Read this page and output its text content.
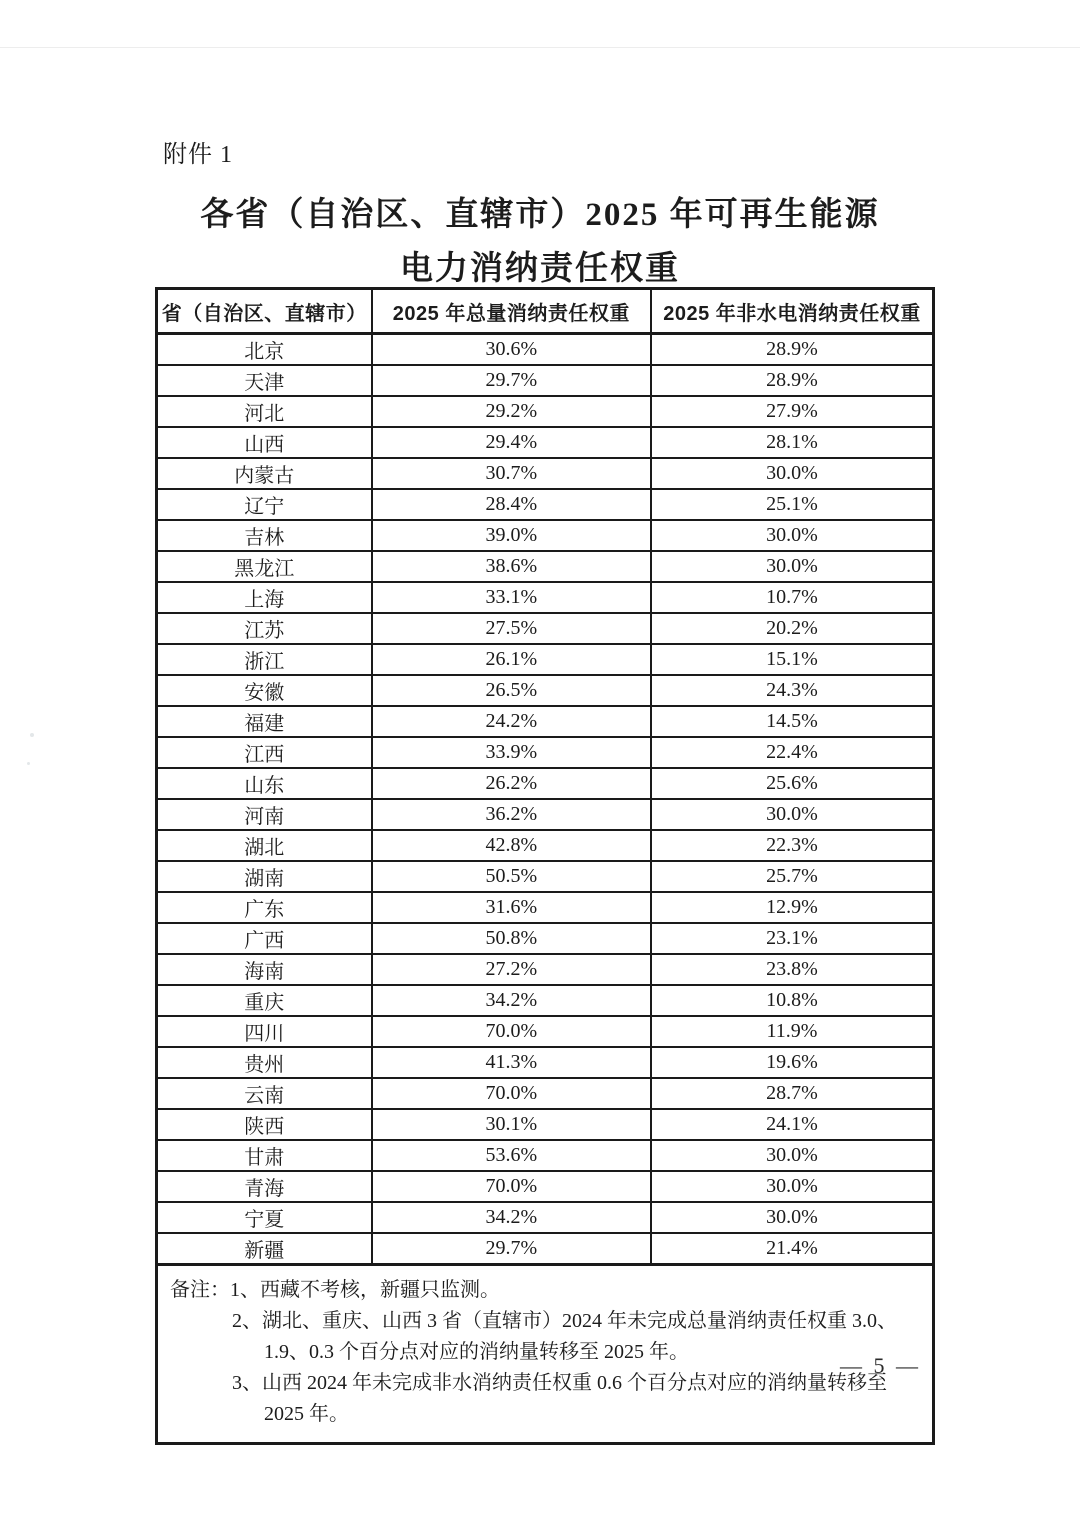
附件 1
各省（自治区、直辖市）2025 年可再生能源
电力消纳责任权重
省（自治区、直辖市）	2025 年总量消纳责任权重	2025 年非水电消纳责任权重
北京	30.6%	28.9%
天津	29.7%	28.9%
河北	29.2%	27.9%
山西	29.4%	28.1%
内蒙古	30.7%	30.0%
辽宁	28.4%	25.1%
吉林	39.0%	30.0%
黑龙江	38.6%	30.0%
上海	33.1%	10.7%
江苏	27.5%	20.2%
浙江	26.1%	15.1%
安徽	26.5%	24.3%
福建	24.2%	14.5%
江西	33.9%	22.4%
山东	26.2%	25.6%
河南	36.2%	30.0%
湖北	42.8%	22.3%
湖南	50.5%	25.7%
广东	31.6%	12.9%
广西	50.8%	23.1%
海南	27.2%	23.8%
重庆	34.2%	10.8%
四川	70.0%	11.9%
贵州	41.3%	19.6%
云南	70.0%	28.7%
陕西	30.1%	24.1%
甘肃	53.6%	30.0%
青海	70.0%	30.0%
宁夏	34.2%	30.0%
新疆	29.7%	21.4%
备注：1、西藏不考核，新疆只监测。
2、湖北、重庆、山西 3 省（直辖市）2024 年未完成总量消纳责任权重 3.0、1.9、0.3 个百分点对应的消纳量转移至 2025 年。
3、山西 2024 年未完成非水消纳责任权重 0.6 个百分点对应的消纳量转移至 2025 年。
— 5 —
